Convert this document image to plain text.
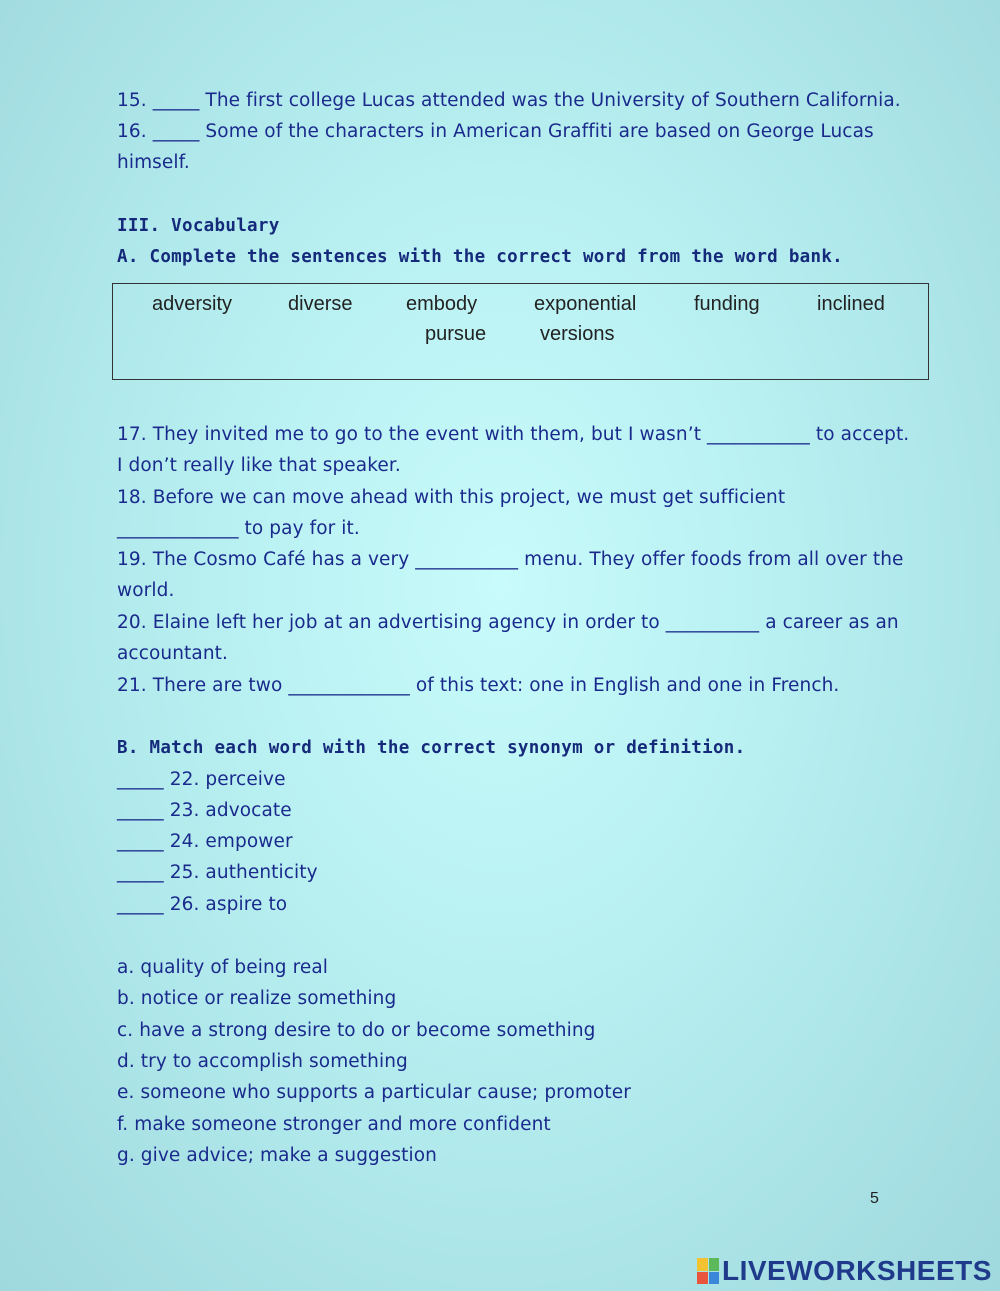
15. _____ The first college Lucas attended was the University of Southern California.
16. _____ Some of the characters in American Graffiti are based on George Lucas
himself.
III. Vocabulary
A. Complete the sentences with the correct word from the word bank.
adversity	diverse	embody	exponential	funding	inclined
pursue	versions
17. They invited me to go to the event with them, but I wasn’t ___________ to accept.
I don’t really like that speaker.
18. Before we can move ahead with this project, we must get sufficient
_____________ to pay for it.
19. The Cosmo Café has a very ___________ menu. They offer foods from all over the
world.
20. Elaine left her job at an advertising agency in order to __________ a career as an
accountant.
21. There are two _____________ of this text: one in English and one in French.
B. Match each word with the correct synonym or definition.
_____ 22. perceive
_____ 23. advocate
_____ 24. empower
_____ 25. authenticity
_____ 26. aspire to
a. quality of being real
b. notice or realize something
c. have a strong desire to do or become something
d. try to accomplish something
e. someone who supports a particular cause; promoter
f. make someone stronger and more confident
g. give advice; make a suggestion
5
LIVEWORKSHEETS
